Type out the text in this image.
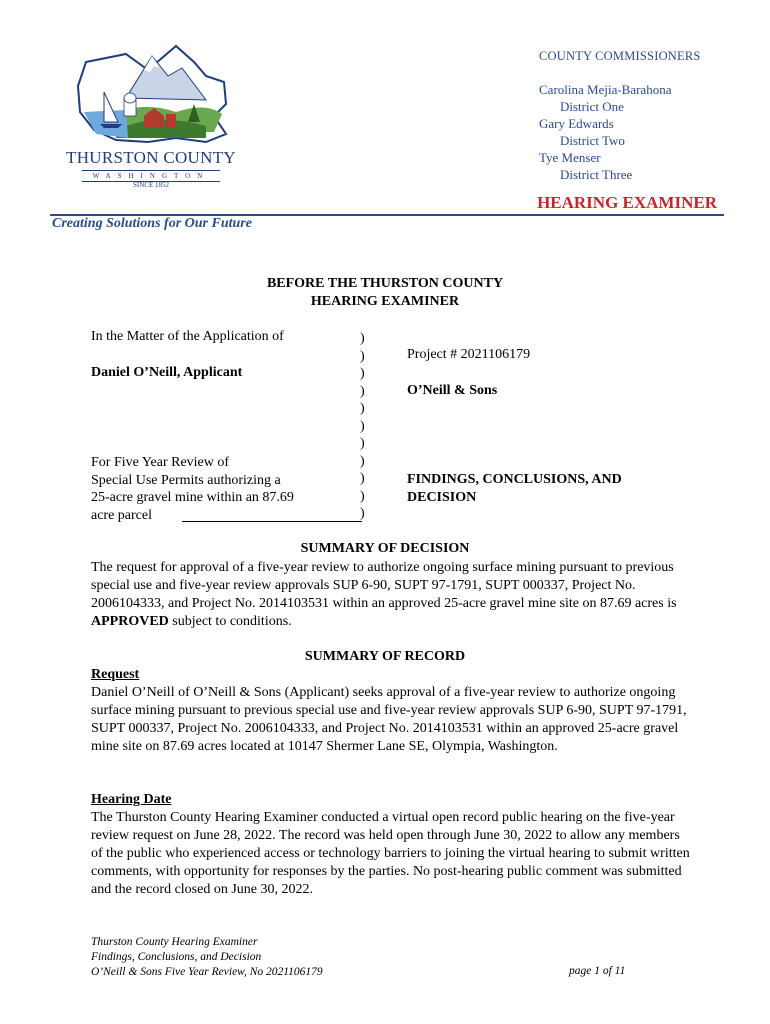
THURSTON COUNTY
WASHINGTON
SINCE 1852
COUNTY COMMISSIONERS
Carolina Mejia-Barahona
District One
Gary Edwards
District Two
Tye Menser
District Three
HEARING EXAMINER
Creating Solutions for Our Future
BEFORE THE THURSTON COUNTY
HEARING EXAMINER
In the Matter of the Application of
Daniel O’Neill, Applicant
For Five Year Review of
Special Use Permits authorizing a
25-acre gravel mine within an 87.69
acre parcel
)
)
)
)
)
)
)
)
)
)
)
Project # 2021106179
O’Neill & Sons
FINDINGS, CONCLUSIONS, AND
DECISION
SUMMARY OF DECISION
The request for approval of a five-year review to authorize ongoing surface mining pursuant to previous special use and five-year review approvals SUP 6-90, SUPT 97-1791, SUPT 000337, Project No. 2006104333, and Project No. 2014103531 within an approved 25-acre gravel mine site on 87.69 acres is APPROVED subject to conditions.
SUMMARY OF RECORD
Request
Daniel O’Neill of O’Neill & Sons (Applicant) seeks approval of a five-year review to authorize ongoing surface mining pursuant to previous special use and five-year review approvals SUP 6-90, SUPT 97-1791, SUPT 000337, Project No. 2006104333, and Project No. 2014103531 within an approved 25-acre gravel mine site on 87.69 acres located at 10147 Shermer Lane SE, Olympia, Washington.
Hearing Date
The Thurston County Hearing Examiner conducted a virtual open record public hearing on the five-year review request on June 28, 2022. The record was held open through June 30, 2022 to allow any members of the public who experienced access or technology barriers to joining the virtual hearing to submit written comments, with opportunity for responses by the parties. No post-hearing public comment was submitted and the record closed on June 30, 2022.
Thurston County Hearing Examiner
Findings, Conclusions, and Decision
O’Neill & Sons Five Year Review, No 2021106179	page 1 of 11
